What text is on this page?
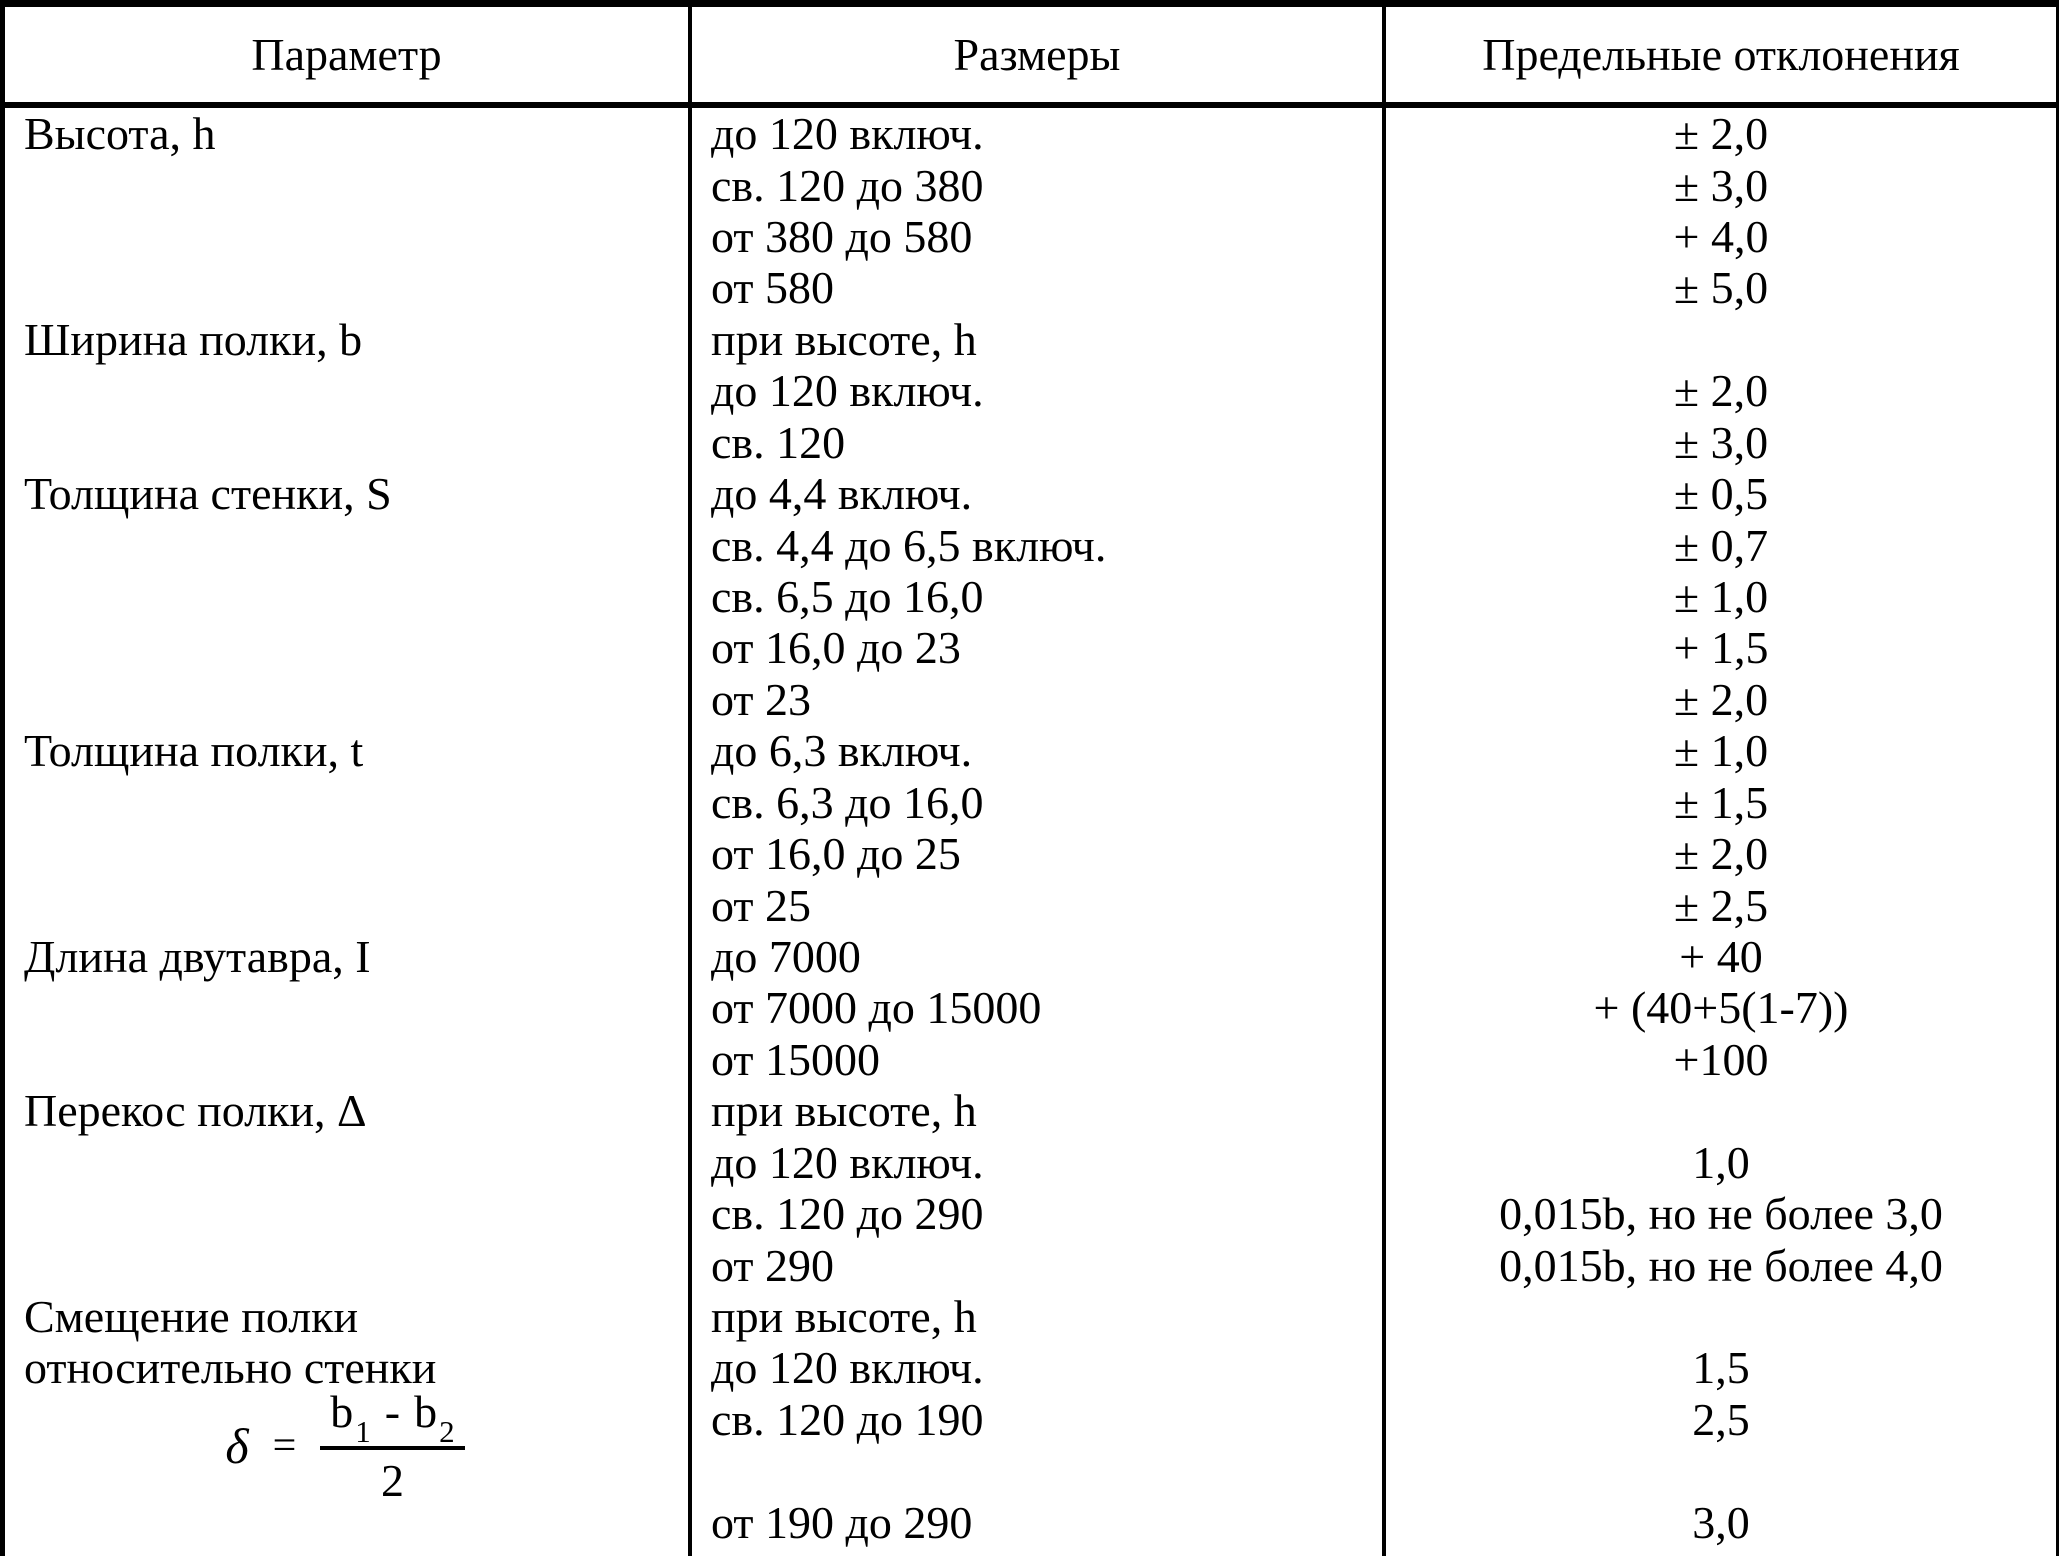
Параметр	Размеры	Предельные отклонения
$\delta = \frac{b 1 - b 2}{2}$
Высота, h
Ширина полки, b
Толщина стенки, S
Толщина полки, t
Длина двутавра, I
Перекос полки, Δ
Смещение полки
относительно стенки
до 120 включ.
св. 120 до 380
от 380 до 580
от 580
при высоте, h
до 120 включ.
св. 120
до 4,4 включ.
св. 4,4 до 6,5 включ.
св. 6,5 до 16,0
от 16,0 до 23
от 23
до 6,3 включ.
св. 6,3 до 16,0
от 16,0 до 25
от 25
до 7000
от 7000 до 15000
от 15000
при высоте, h
до 120 включ.
св. 120 до 290
от 290
при высоте, h
до 120 включ.
св. 120 до 190
от 190 до 290
± 2,0
± 3,0
+ 4,0
± 5,0
± 2,0
± 3,0
± 0,5
± 0,7
± 1,0
+ 1,5
± 2,0
± 1,0
± 1,5
± 2,0
± 2,5
+ 40
+ (40+5(1-7))
+100
1,0
0,015b, но не более 3,0
0,015b, но не более 4,0
1,5
2,5
3,0
